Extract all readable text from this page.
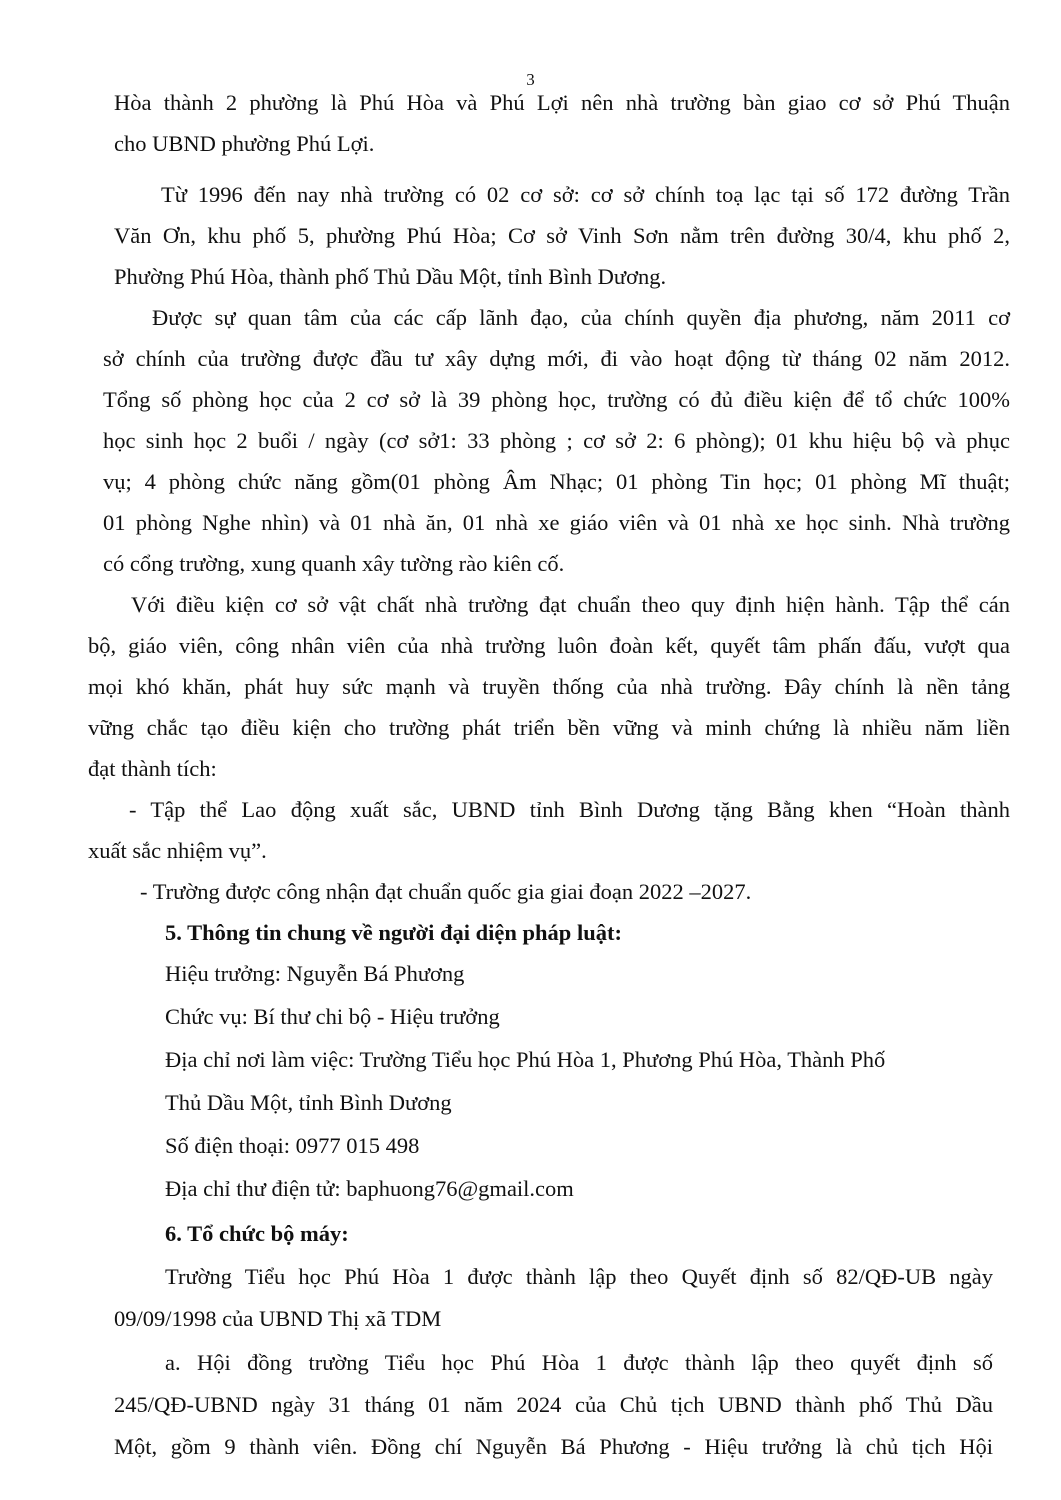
3
Hòa thành 2 phường là Phú Hòa và Phú Lợi nên nhà trường bàn giao cơ sở Phú Thuận
cho UBND phường Phú Lợi.
Từ 1996 đến nay nhà trường có 02 cơ sở: cơ sở chính toạ lạc tại số 172 đường Trần
Văn Ơn, khu phố 5, phường Phú Hòa; Cơ sở Vinh Sơn nằm trên đường 30/4, khu phố 2,
Phường Phú Hòa, thành phố Thủ Dầu Một, tỉnh Bình Dương.
Được sự quan tâm của các cấp lãnh đạo, của chính quyền địa phương, năm 2011 cơ
sở chính của trường được đầu tư xây dựng mới, đi vào hoạt động từ tháng 02 năm 2012.
Tổng số phòng học của 2 cơ sở là 39 phòng học, trường có đủ điều kiện để tổ chức 100%
học sinh học 2 buổi / ngày (cơ sở1: 33 phòng ; cơ sở 2: 6 phòng); 01 khu hiệu bộ và phục
vụ; 4 phòng chức năng gồm(01 phòng Âm Nhạc; 01 phòng Tin học; 01 phòng Mĩ thuật;
01 phòng Nghe nhìn) và 01 nhà ăn, 01 nhà xe giáo viên và 01 nhà xe học sinh. Nhà trường
có cổng trường, xung quanh xây tường rào kiên cố.
Với điều kiện cơ sở vật chất nhà trường đạt chuẩn theo quy định hiện hành. Tập thể cán
bộ, giáo viên, công nhân viên của nhà trường luôn đoàn kết, quyết tâm phấn đấu, vượt qua
mọi khó khăn, phát huy sức mạnh và truyền thống của nhà trường. Đây chính là nền tảng
vững chắc tạo điều kiện cho trường phát triển bền vững và minh chứng là nhiều năm liền
đạt thành tích:
- Tập thể Lao động xuất sắc, UBND tỉnh Bình Dương tặng Bằng khen “Hoàn thành
xuất sắc nhiệm vụ”.
- Trường được công nhận đạt chuẩn quốc gia giai đoạn 2022 –2027.
5. Thông tin chung về người đại diện pháp luật:
Hiệu trưởng: Nguyễn Bá Phương
Chức vụ: Bí thư chi bộ - Hiệu trưởng
Địa chỉ nơi làm việc: Trường Tiểu học Phú Hòa 1, Phương Phú Hòa, Thành Phố
Thủ Dầu Một, tỉnh Bình Dương
Số điện thoại: 0977 015 498
Địa chỉ thư điện tử: baphuong76@gmail.com
6. Tổ chức bộ máy:
Trường Tiểu học Phú Hòa 1 được thành lập theo Quyết định số 82/QĐ-UB ngày
09/09/1998 của UBND Thị xã TDM
a. Hội đồng trường Tiểu học Phú Hòa 1 được thành lập theo quyết định số
245/QĐ-UBND ngày 31 tháng 01 năm 2024 của Chủ tịch UBND thành phố Thủ Dầu
Một, gồm 9 thành viên. Đồng chí Nguyễn Bá Phương - Hiệu trưởng là chủ tịch Hội
